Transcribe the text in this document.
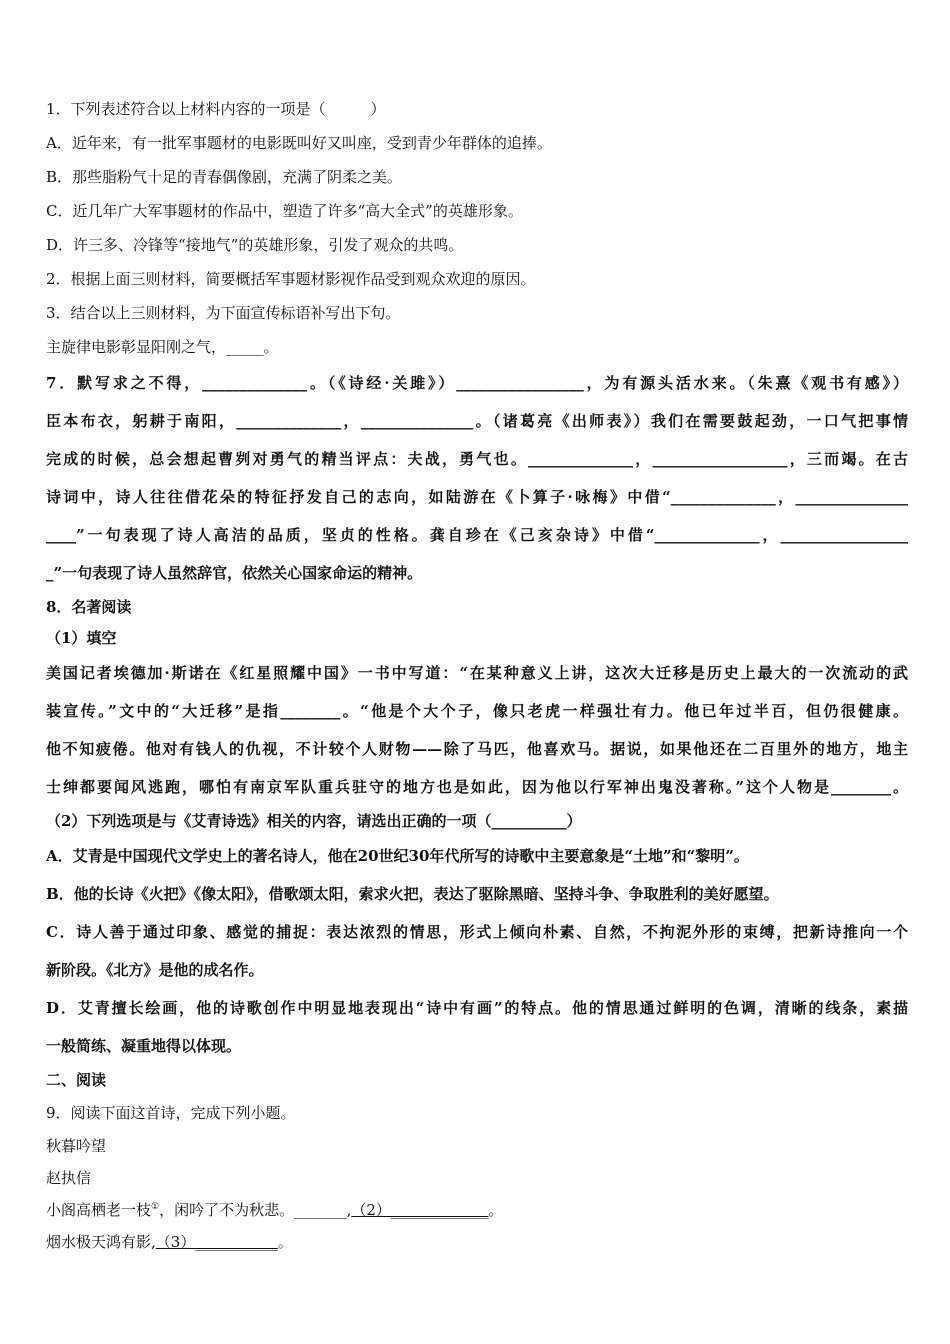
1．下列表述符合以上材料内容的一项是（　　　）
A．近年来，有一批军事题材的电影既叫好又叫座，受到青少年群体的追捧。
B．那些脂粉气十足的青春偶像剧，充满了阴柔之美。
C．近几年广大军事题材的作品中，塑造了许多“高大全式”的英雄形象。
D．许三多、冷锋等“接地气”的英雄形象，引发了观众的共鸣。
2．根据上面三则材料，简要概括军事题材影视作品受到观众欢迎的原因。
3．结合以上三则材料，为下面宣传标语补写出下句。
主旋律电影彰显阳刚之气，_____。
7．默写求之不得，______________。（《诗经·关雎》）_________________，为有源头活水来。（朱熹《观书有感》）
臣本布衣，躬耕于南阳，______________，_______________。（诸葛亮《出师表》）我们在需要鼓起劲，一口气把事情
完成的时候，总会想起曹刿对勇气的精当评点：夫战，勇气也。______________，__________________，三而竭。在古
诗词中，诗人往往借花朵的特征抒发自己的志向，如陆游在《卜算子·咏梅》中借“______________，_______________
____”一句表现了诗人高洁的品质，坚贞的性格。龚自珍在《己亥杂诗》中借“______________，_________________
_”一句表现了诗人虽然辞官，依然关心国家命运的精神。
8．名著阅读
（1）填空
美国记者埃德加·斯诺在《红星照耀中国》一书中写道：“在某种意义上讲，这次大迁移是历史上最大的一次流动的武
装宣传。”文中的“大迁移”是指________。“他是个大个子，像只老虎一样强壮有力。他已年过半百，但仍很健康。
他不知疲倦。他对有钱人的仇视，不计较个人财物——除了马匹，他喜欢马。据说，如果他还在二百里外的地方，地主
士绅都要闻风逃跑，哪怕有南京军队重兵驻守的地方也是如此，因为他以行军神出鬼没著称。”这个人物是________。
（2）下列选项是与《艾青诗选》相关的内容，请选出正确的一项（__________）
A．艾青是中国现代文学史上的著名诗人，他在20世纪30年代所写的诗歌中主要意象是“土地”和“黎明”。
B．他的长诗《火把》《像太阳》，借歌颂太阳，索求火把，表达了驱除黑暗、坚持斗争、争取胜利的美好愿望。
C．诗人善于通过印象、感觉的捕捉：表达浓烈的情思，形式上倾向朴素、自然，不拘泥外形的束缚，把新诗推向一个
新阶段。《北方》是他的成名作。
D．艾青擅长绘画，他的诗歌创作中明显地表现出“诗中有画”的特点。他的情思通过鲜明的色调，清晰的线条，素描
一般简练、凝重地得以体现。
二、阅读
9．阅读下面这首诗，完成下列小题。
秋暮吟望
赵执信
小阁高栖老一枝①，闲吟了不为秋悲。_______,（2）_____________。
烟水极天鸿有影,（3）___________。
